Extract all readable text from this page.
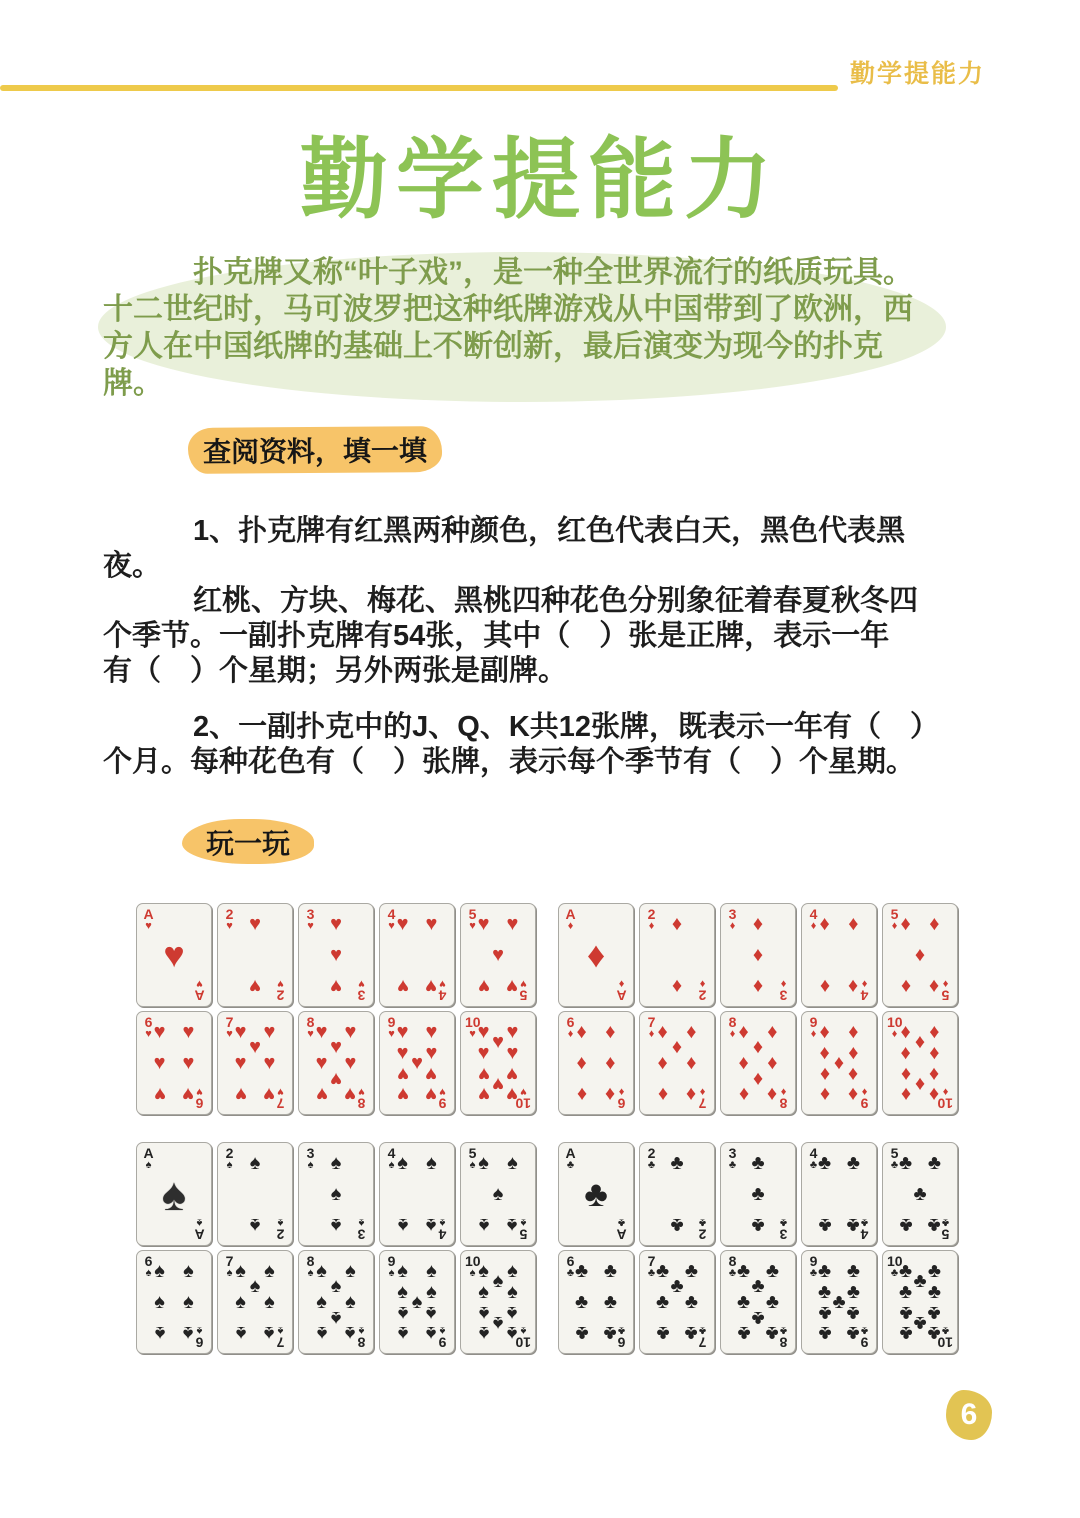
勤学提能力
勤学提能力
扑克牌又称“叶子戏”，是一种全世界流行的纸质玩具。
十二世纪时，马可波罗把这种纸牌游戏从中国带到了欧洲，西
方人在中国纸牌的基础上不断创新，最后演变为现今的扑克
牌。
查阅资料，填一填
1、扑克牌有红黑两种颜色，红色代表白天，黑色代表黑
夜。
红桃、方块、梅花、黑桃四种花色分别象征着春夏秋冬四
个季节。一副扑克牌有54张，其中（　）张是正牌，表示一年
有（　）个星期；另外两张是副牌。
2、一副扑克中的J、Q、K共12张牌，既表示一年有（　）
个月。每种花色有（　）张牌，表示每个季节有（　）个星期。
玩一玩
A
♥
A
♥
♥
2
♥
2
♥
♥
♥
3
♥
3
♥
♥
♥
♥
4
♥
4
♥
♥ ♥
♥ ♥
5
♥
5
♥
♥ ♥
♥
♥ ♥
6
♥
6
♥
♥ ♥
♥ ♥
♥ ♥
7
♥
7
♥
♥ ♥
♥
♥ ♥
♥ ♥
8
♥
8
♥
♥ ♥
♥
♥ ♥
♥
♥ ♥
9
♥
9
♥
♥ ♥
♥ ♥
♥
♥ ♥
♥ ♥
10
♥
10
♥
♥ ♥
♥
♥ ♥
♥ ♥
♥
♥ ♥
A
♦
A
♦
♦
2
♦
2
♦
♦
♦
3
♦
3
♦
♦
♦
♦
4
♦
4
♦
♦ ♦
♦ ♦
5
♦
5
♦
♦ ♦
♦
♦ ♦
6
♦
6
♦
♦ ♦
♦ ♦
♦ ♦
7
♦
7
♦
♦ ♦
♦
♦ ♦
♦ ♦
8
♦
8
♦
♦ ♦
♦
♦ ♦
♦
♦ ♦
9
♦
9
♦
♦ ♦
♦ ♦
♦
♦ ♦
♦ ♦
10
♦
10
♦
♦ ♦
♦
♦ ♦
♦ ♦
♦
♦ ♦
A
♠
A
♠
♠
2
♠
2
♠
♠
♠
3
♠
3
♠
♠
♠
♠
4
♠
4
♠
♠ ♠
♠ ♠
5
♠
5
♠
♠ ♠
♠
♠ ♠
6
♠
6
♠
♠ ♠
♠ ♠
♠ ♠
7
♠
7
♠
♠ ♠
♠
♠ ♠
♠ ♠
8
♠
8
♠
♠ ♠
♠
♠ ♠
♠
♠ ♠
9
♠
9
♠
♠ ♠
♠ ♠
♠
♠ ♠
♠ ♠
10
♠
10
♠
♠ ♠
♠
♠ ♠
♠ ♠
♠
♠ ♠
A
♣
A
♣
♣
2
♣
2
♣
♣
♣
3
♣
3
♣
♣
♣
♣
4
♣
4
♣
♣ ♣
♣ ♣
5
♣
5
♣
♣ ♣
♣
♣ ♣
6
♣
6
♣
♣ ♣
♣ ♣
♣ ♣
7
♣
7
♣
♣ ♣
♣
♣ ♣
♣ ♣
8
♣
8
♣
♣ ♣
♣
♣ ♣
♣
♣ ♣
9
♣
9
♣
♣ ♣
♣ ♣
♣
♣ ♣
♣ ♣
10
♣
10
♣
♣ ♣
♣
♣ ♣
♣ ♣
♣
♣ ♣
6
